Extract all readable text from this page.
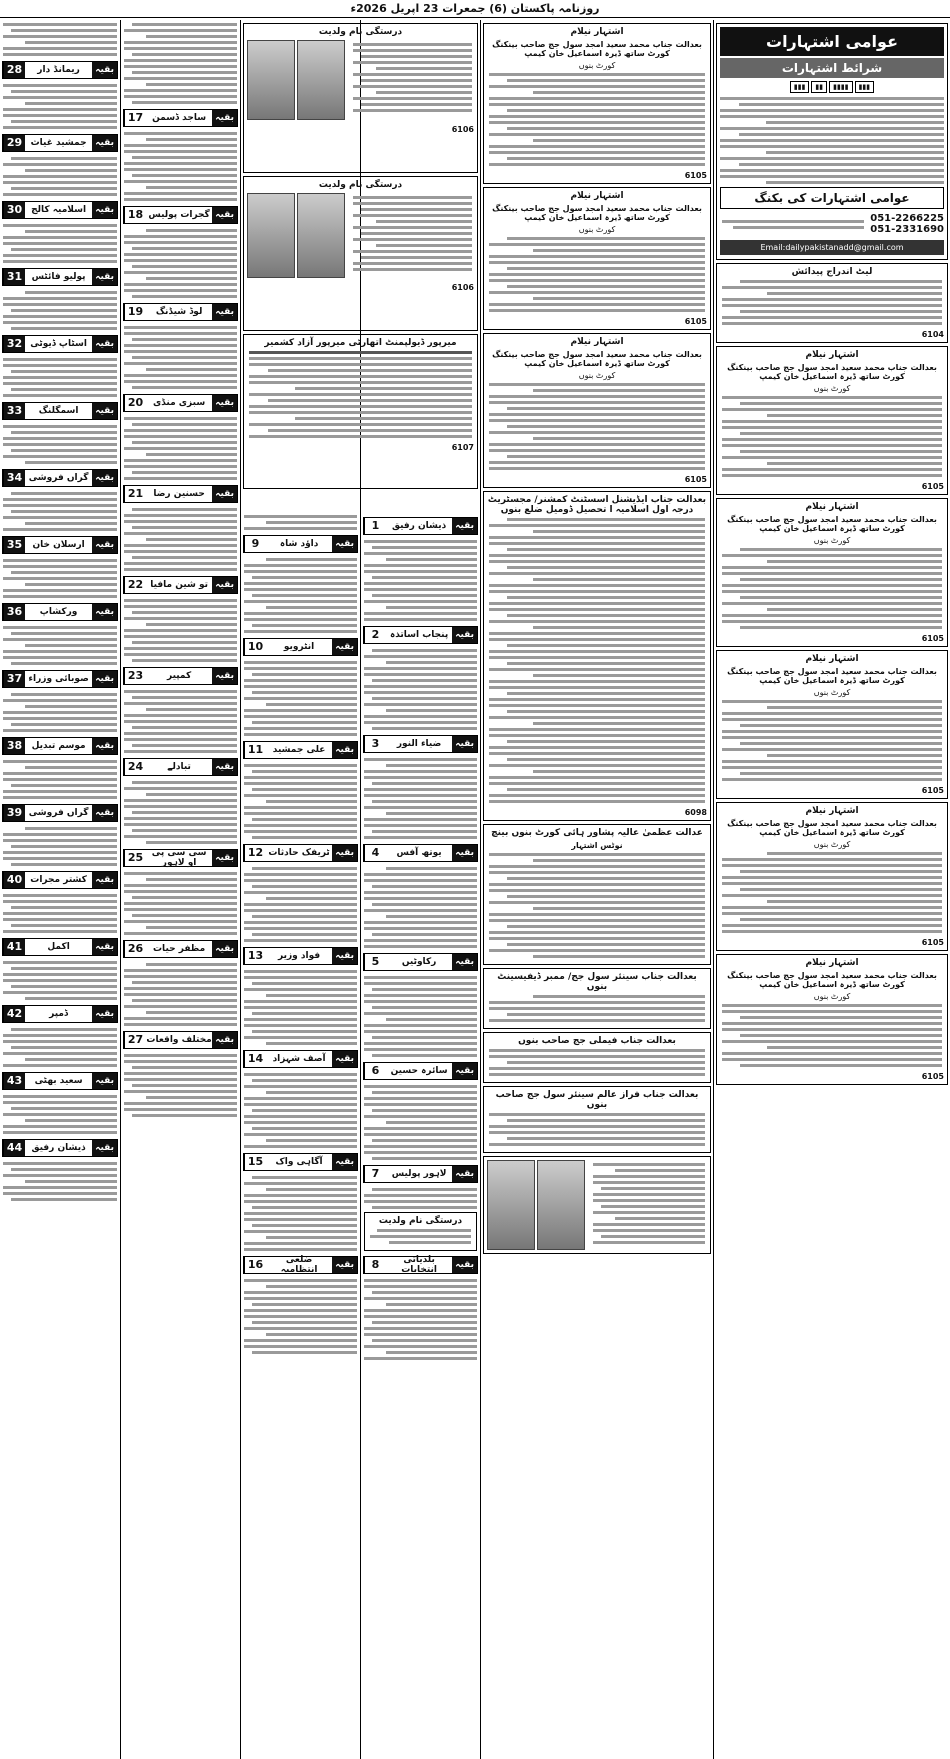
روزنامہ پاکستان (6) جمعرات 23 اپریل 2026ء
بقیہ
ریمانڈ دار
28
بقیہ
جمشید غیاث
29
بقیہ
اسلامیہ کالج
30
بقیہ
پولیو فائٹس
31
بقیہ
اسٹاپ ڈیوٹی
32
بقیہ
اسمگلنگ
33
بقیہ
گراں فروشی
34
بقیہ
ارسلان خان
35
بقیہ
ورکشاپ
36
بقیہ
صوبائی وزراء
37
بقیہ
موسم تبدیل
38
بقیہ
گراں فروشی
39
بقیہ
کشتر مجرات
40
بقیہ
اکمل
41
بقیہ
ڈمپر
42
بقیہ
سعید بھٹی
43
بقیہ
ذیشان رفیق
44
بقیہ
ساجد ڈسمن
17
بقیہ
گجرات پولیس
18
بقیہ
لوڈ شیڈنگ
19
بقیہ
سبزی منڈی
20
بقیہ
حسنین رضا
21
بقیہ
تو شین مافیا
22
بقیہ
کمپیر
23
بقیہ
تبادلے
24
بقیہ
سی سی پی او لاہور
25
بقیہ
مظفر حیات
26
بقیہ
مختلف واقعات
27
درستگی نام ولدیت
6106
درستگی نام ولدیت
6106
میرپور ڈیولپمنٹ اتھارٹی میرپور آزاد کشمیر
6107
بقیہ
داؤد شاہ
9
بقیہ
انٹرویو
10
بقیہ
علی جمشید
11
بقیہ
ٹریفک حادثات
12
بقیہ
فواد وزیر
13
بقیہ
آصف شہزاد
14
بقیہ
آگاہی واک
15
بقیہ
ضلعی انتظامیہ
16
بقیہ
ذیشان رفیق
1
بقیہ
پنجاب اساتذہ
2
بقیہ
ضیاء النور
3
بقیہ
یوتھ آفس
4
بقیہ
رکاوٹیں
5
بقیہ
سائرہ حسین
6
بقیہ
لاہور پولیس
7
درستگی نام ولدیت
بقیہ
بلدیاتی انتخابات
8
اشتہار نیلام
بعدالت جناب محمد سعید امجد سول جج صاحب بینکنگ کورٹ ساتھ ڈیرہ اسماعیل خان کیمپ
کورٹ بنوں
6105
اشتہار نیلام
بعدالت جناب محمد سعید امجد سول جج صاحب بینکنگ کورٹ ساتھ ڈیرہ اسماعیل خان کیمپ
کورٹ بنوں
6105
اشتہار نیلام
بعدالت جناب محمد سعید امجد سول جج صاحب بینکنگ کورٹ ساتھ ڈیرہ اسماعیل خان کیمپ
کورٹ بنوں
6105
بعدالت جناب ایڈیشنل اسسٹنٹ کمشنر/ مجسٹریٹ درجہ اول اسلامیہ ا تحصیل ڈومیل ضلع بنوں
6098
عدالت عظمیٰ عالیہ پشاور ہائی کورٹ بنوں بینچ
نوٹس اشتہار
بعدالت جناب سینئر سول جج/ ممبر ڈیفیسینٹ بنوں
بعدالت جناب فیملی جج صاحب بنوں
بعدالت جناب فراز عالم سینئر سول جج صاحب بنوں
عوامی اشتہارات
شرائط اشتہارات
▮▮▮▮▮▮▮▮▮▮▮▮
عوامی اشتہارات کی بکنگ
051-2266225
051-2331690
Email:dailypakistanadd@gmail.com
لیٹ اندراج پیدائش
6104
اشتہار نیلام
بعدالت جناب محمد سعید امجد سول جج صاحب بینکنگ کورٹ ساتھ ڈیرہ اسماعیل خان کیمپ
کورٹ بنوں
6105
اشتہار نیلام
بعدالت جناب محمد سعید امجد سول جج صاحب بینکنگ کورٹ ساتھ ڈیرہ اسماعیل خان کیمپ
کورٹ بنوں
6105
اشتہار نیلام
بعدالت جناب محمد سعید امجد سول جج صاحب بینکنگ کورٹ ساتھ ڈیرہ اسماعیل خان کیمپ
کورٹ بنوں
6105
اشتہار نیلام
بعدالت جناب محمد سعید امجد سول جج صاحب بینکنگ کورٹ ساتھ ڈیرہ اسماعیل خان کیمپ
کورٹ بنوں
6105
اشتہار نیلام
بعدالت جناب محمد سعید امجد سول جج صاحب بینکنگ کورٹ ساتھ ڈیرہ اسماعیل خان کیمپ
کورٹ بنوں
6105
